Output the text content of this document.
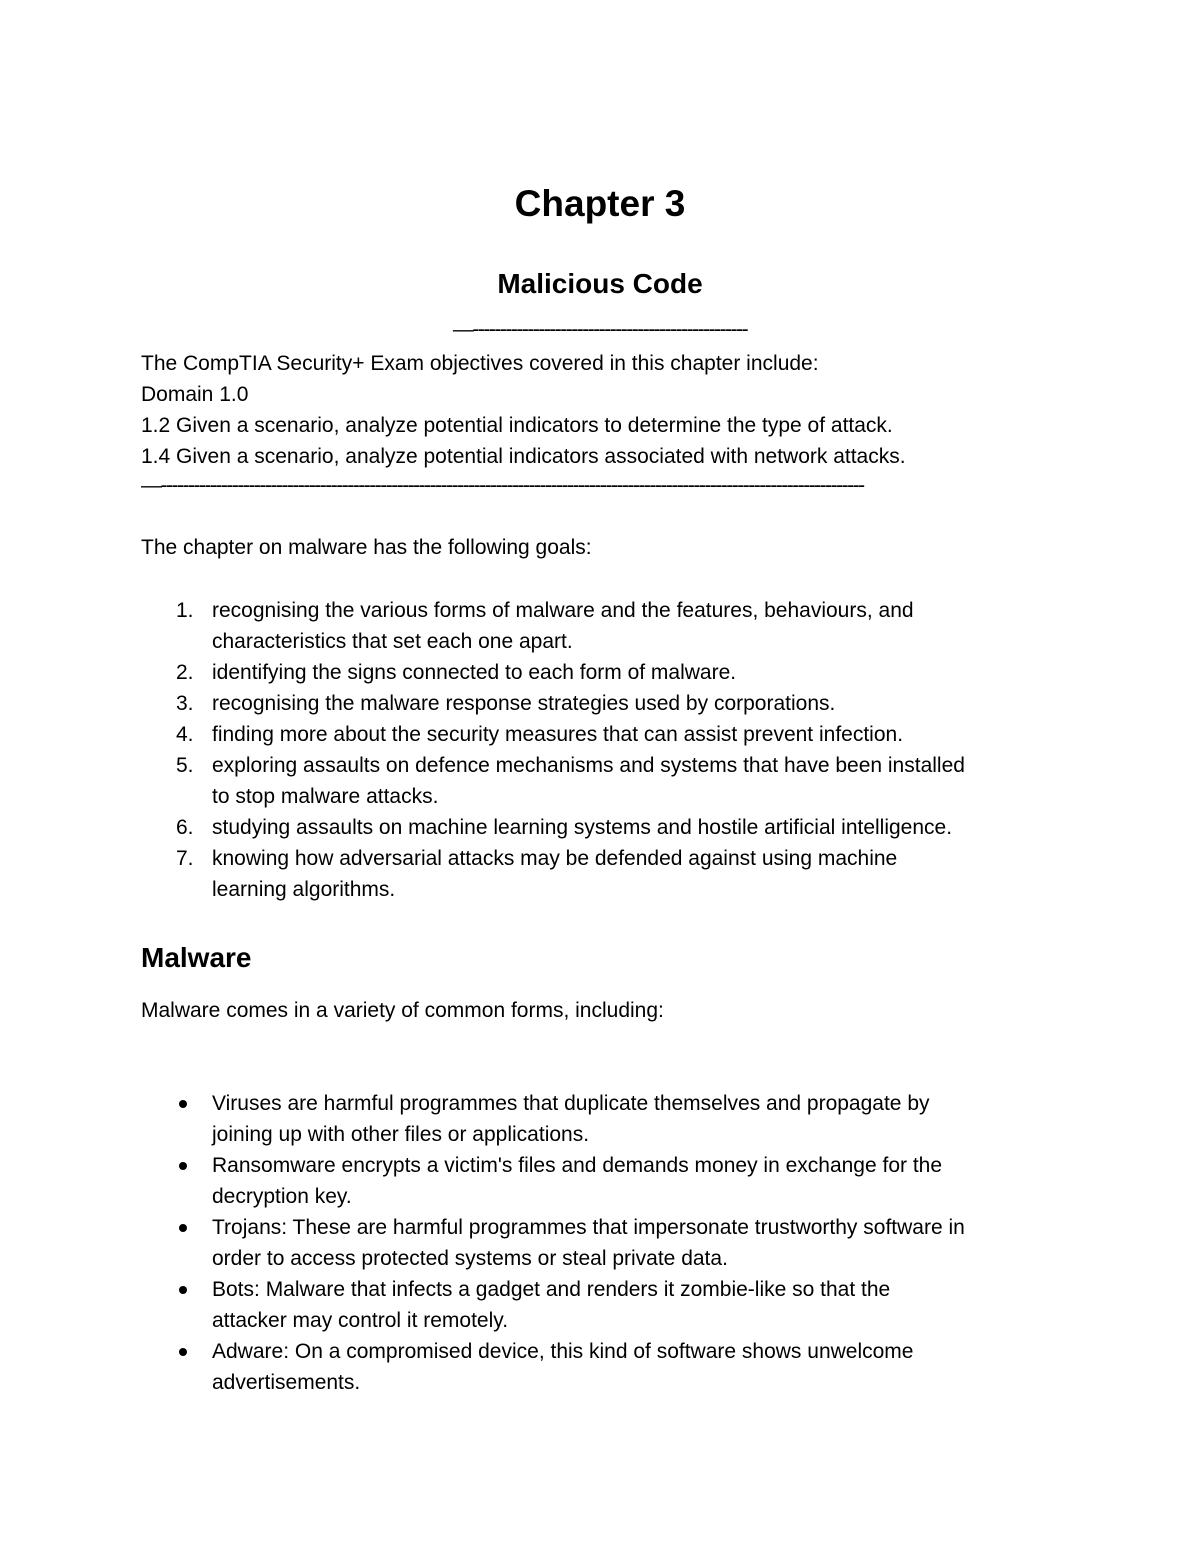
Chapter 3
Malicious Code
—--------------------------------------------------
The CompTIA Security+ Exam objectives covered in this chapter include:
Domain 1.0
1.2 Given a scenario, analyze potential indicators to determine the type of attack.
1.4 Given a scenario, analyze potential indicators associated with network attacks.
—--------------------------------------------------------------------------------------------------------------------------------
The chapter on malware has the following goals:
1. recognising the various forms of malware and the features, behaviours, and
characteristics that set each one apart.
2. identifying the signs connected to each form of malware.
3. recognising the malware response strategies used by corporations.
4. finding more about the security measures that can assist prevent infection.
5. exploring assaults on defence mechanisms and systems that have been installed
to stop malware attacks.
6. studying assaults on machine learning systems and hostile artificial intelligence.
7. knowing how adversarial attacks may be defended against using machine
learning algorithms.
Malware
Malware comes in a variety of common forms, including:
Viruses are harmful programmes that duplicate themselves and propagate by
joining up with other files or applications.
Ransomware encrypts a victim's files and demands money in exchange for the
decryption key.
Trojans: These are harmful programmes that impersonate trustworthy software in
order to access protected systems or steal private data.
Bots: Malware that infects a gadget and renders it zombie-like so that the
attacker may control it remotely.
Adware: On a compromised device, this kind of software shows unwelcome
advertisements.
